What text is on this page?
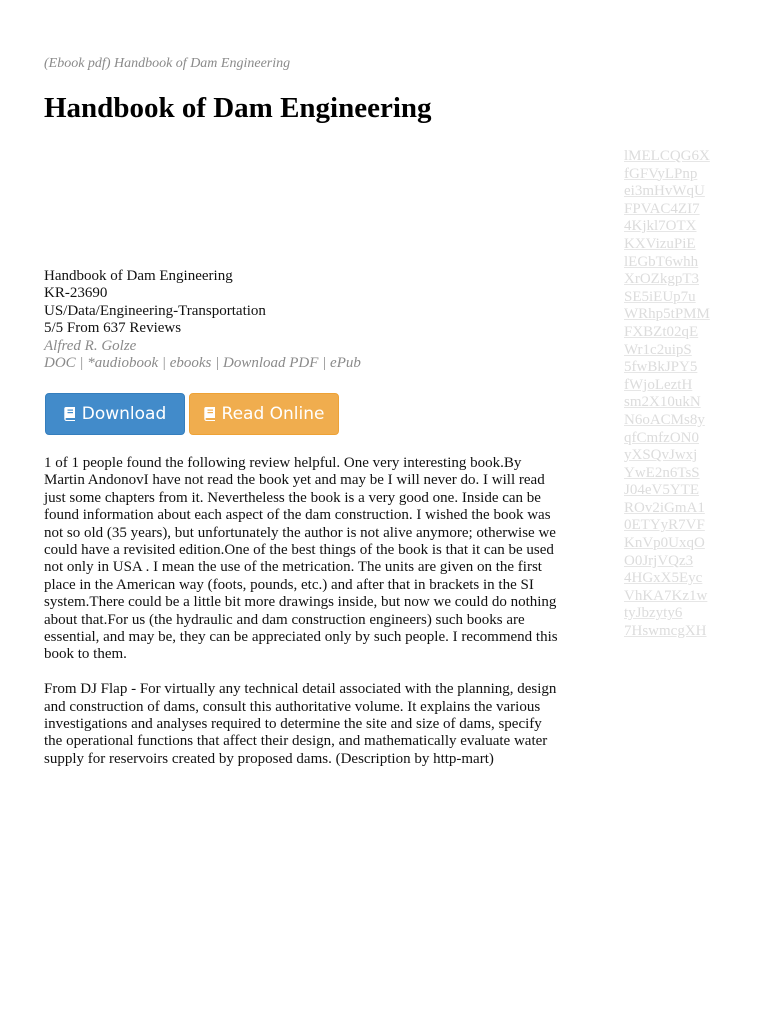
(Ebook pdf) Handbook of Dam Engineering
Handbook of Dam Engineering
Handbook of Dam Engineering
KR-23690
US/Data/Engineering-Transportation
5/5 From 637 Reviews
Alfred R. Golze
DOC | *audiobook | ebooks | Download PDF | ePub
Download	Read Online

1 of 1 people found the following review helpful. One very interesting book.By Martin AndonovI have not read the book yet and may be I will never do. I will read just some chapters from it. Nevertheless the book is a very good one. Inside can be found information about each aspect of the dam construction. I wished the book was not so old (35 years), but unfortunately the author is not alive anymore; otherwise we could have a revisited edition.One of the best things of the book is that it can be used not only in USA . I mean the use of the metrication. The units are given on the first place in the American way (foots, pounds, etc.) and after that in brackets in the SI system.There could be a little bit more drawings inside, but now we could do nothing about that.For us (the hydraulic and dam construction engineers) such books are essential, and may be, they can be appreciated only by such people. I recommend this book to them.

From DJ Flap - For virtually any technical detail associated with the planning, design and construction of dams, consult this authoritative volume. It explains the various investigations and analyses required to determine the site and size of dams, specify the operational functions that affect their design, and mathematically evaluate water supply for reservoirs created by proposed dams. (Description by http-mart)

lMELCQG6X
fGFVyLPnp
ei3mHvWqU
FPVAC4ZI7
4Kjkl7OTX
KXVizuPiE
lEGbT6whh
XrOZkgpT3
SE5iEUp7u
WRhp5tPMM
FXBZt02qE
Wr1c2uipS
5fwBkJPY5
fWjoLeztH
sm2X10ukN
N6oACMs8y
qfCmfzON0
yXSQvJwxj
YwE2n6TsS
J04eV5YTE
ROv2iGmA1
0ETYyR7VF
KnVp0UxqO
O0JrjVQz3
4HGxX5Eyc
VhKA7Kz1w
tyJbzyty6
7HswmcgXH
